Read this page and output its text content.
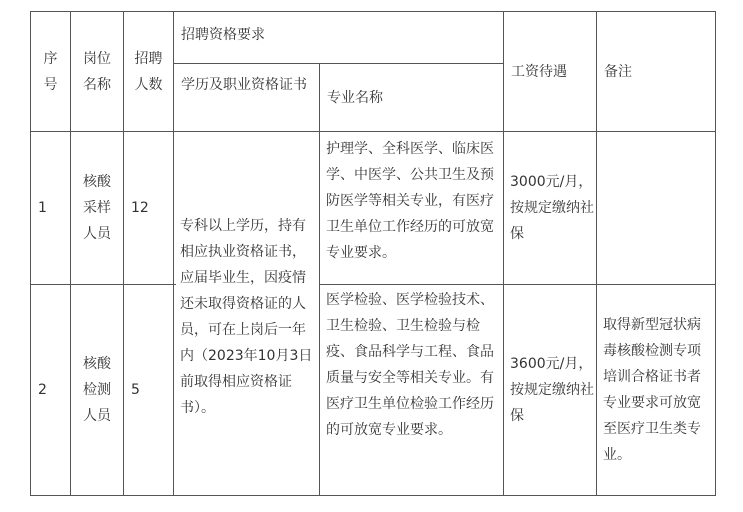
序号
岗位名称
招聘人数
招聘资格要求
学历及职业资格证书
专业名称
工资待遇	备注
专科以上学历，持有相应执业资格证书，应届毕业生，因疫情还未取得资格证的人员，可在上岗后一年内（2023年10月3日前取得相应资格证书）。
1
核酸采样人员
12
护理学、全科医学、临床医学、中医学、公共卫生及预防医学等相关专业，有医疗卫生单位工作经历的可放宽专业要求。
3000元/月，按规定缴纳社保
2
核酸检测人员
5
医学检验、医学检验技术、卫生检验、卫生检验与检疫、食品科学与工程、食品质量与安全等相关专业。有医疗卫生单位检验工作经历的可放宽专业要求。
3600元/月，按规定缴纳社保
取得新型冠状病毒核酸检测专项培训合格证书者专业要求可放宽至医疗卫生类专业。
